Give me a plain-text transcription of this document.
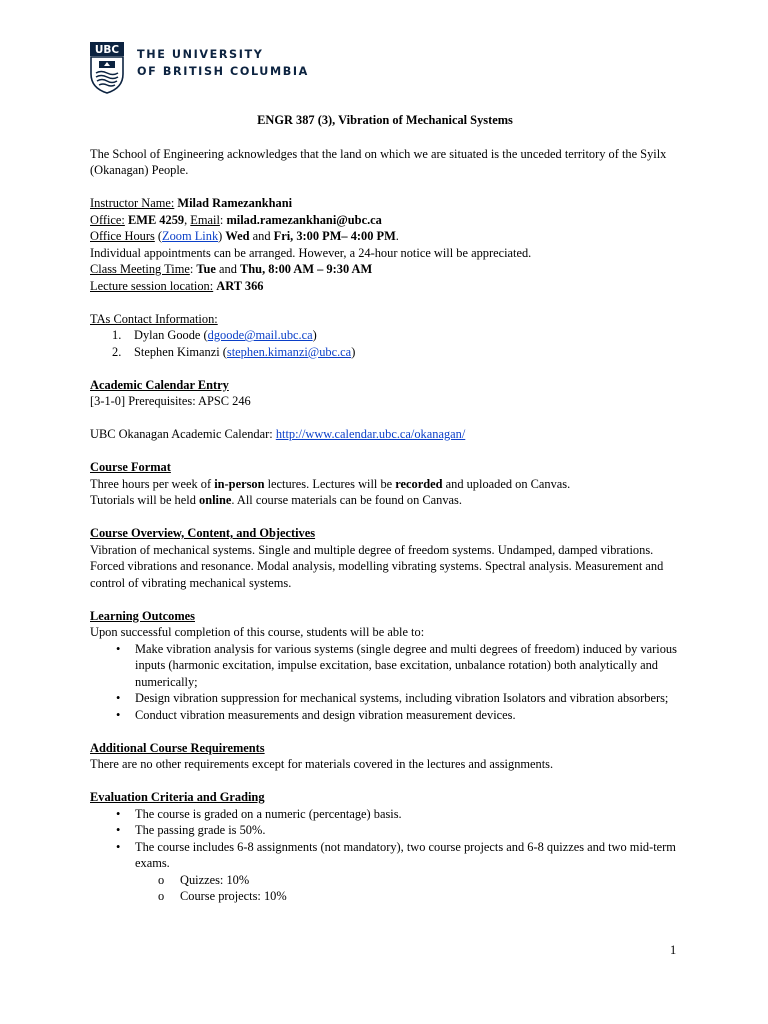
UBC THE UNIVERSITY
OF BRITISH COLUMBIA

ENGR 387 (3), Vibration of Mechanical Systems

The School of Engineering acknowledges that the land on which we are situated is the unceded territory of the Syilx (Okanagan) People.

Instructor Name: Milad Ramezankhani

Office: EME 4259, Email: milad.ramezankhani@ubc.ca

Office Hours (Zoom Link) Wed and Fri, 3:00 PM– 4:00 PM.

Individual appointments can be arranged. However, a 24-hour notice will be appreciated.

Class Meeting Time: Tue and Thu, 8:00 AM – 9:30 AM

Lecture session location: ART 366

TAs Contact Information:

1. Dylan Goode (dgoode@mail.ubc.ca)
2. Stephen Kimanzi (stephen.kimanzi@ubc.ca)

Academic Calendar Entry

[3-1-0] Prerequisites: APSC 246

UBC Okanagan Academic Calendar: http://www.calendar.ubc.ca/okanagan/

Course Format

Three hours per week of in-person lectures. Lectures will be recorded and uploaded on Canvas.

Tutorials will be held online. All course materials can be found on Canvas.

Course Overview, Content, and Objectives

Vibration of mechanical systems. Single and multiple degree of freedom systems. Undamped, damped vibrations. Forced vibrations and resonance. Modal analysis, modelling vibrating systems. Spectral analysis. Measurement and control of vibrating mechanical systems.

Learning Outcomes

Upon successful completion of this course, students will be able to:

• Make vibration analysis for various systems (single degree and multi degrees of freedom) induced by various inputs (harmonic excitation, impulse excitation, base excitation, unbalance rotation) both analytically and numerically;
• Design vibration suppression for mechanical systems, including vibration Isolators and vibration absorbers;
• Conduct vibration measurements and design vibration measurement devices.

Additional Course Requirements

There are no other requirements except for materials covered in the lectures and assignments.

Evaluation Criteria and Grading

• The course is graded on a numeric (percentage) basis.
• The passing grade is 50%.
• The course includes 6-8 assignments (not mandatory), two course projects and 6-8 quizzes and two mid-term exams.
o Quizzes: 10%
o Course projects: 10%
1
